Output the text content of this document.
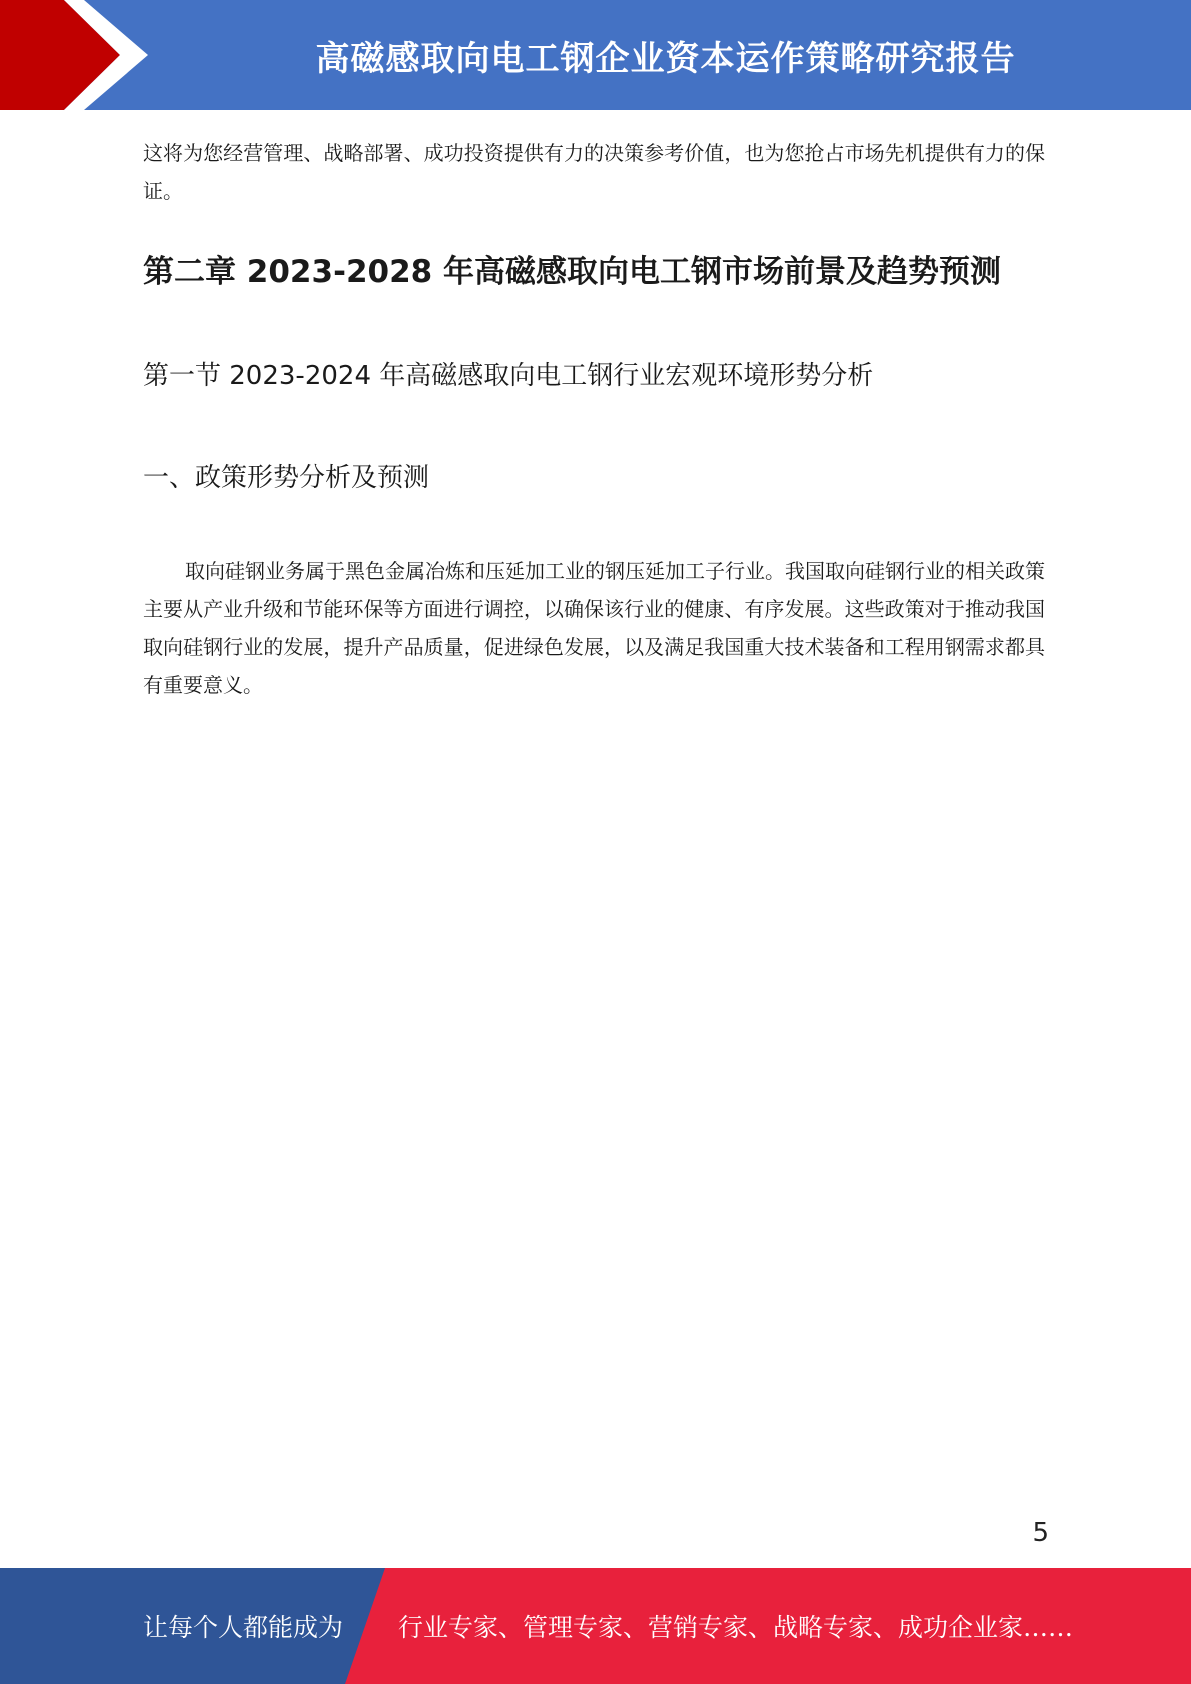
高磁感取向电工钢企业资本运作策略研究报告
这将为您经营管理、战略部署、成功投资提供有力的决策参考价值，也为您抢占市场先机提供有力的保证。
第二章 2023-2028 年高磁感取向电工钢市场前景及趋势预测
第一节 2023-2024 年高磁感取向电工钢行业宏观环境形势分析
一、政策形势分析及预测
取向硅钢业务属于黑色金属冶炼和压延加工业的钢压延加工子行业。我国取向硅钢行业的相关政策主要从产业升级和节能环保等方面进行调控，以确保该行业的健康、有序发展。这些政策对于推动我国取向硅钢行业的发展，提升产品质量，促进绿色发展，以及满足我国重大技术装备和工程用钢需求都具有重要意义。
5
让每个人都能成为 行业专家、管理专家、营销专家、战略专家、成功企业家……
